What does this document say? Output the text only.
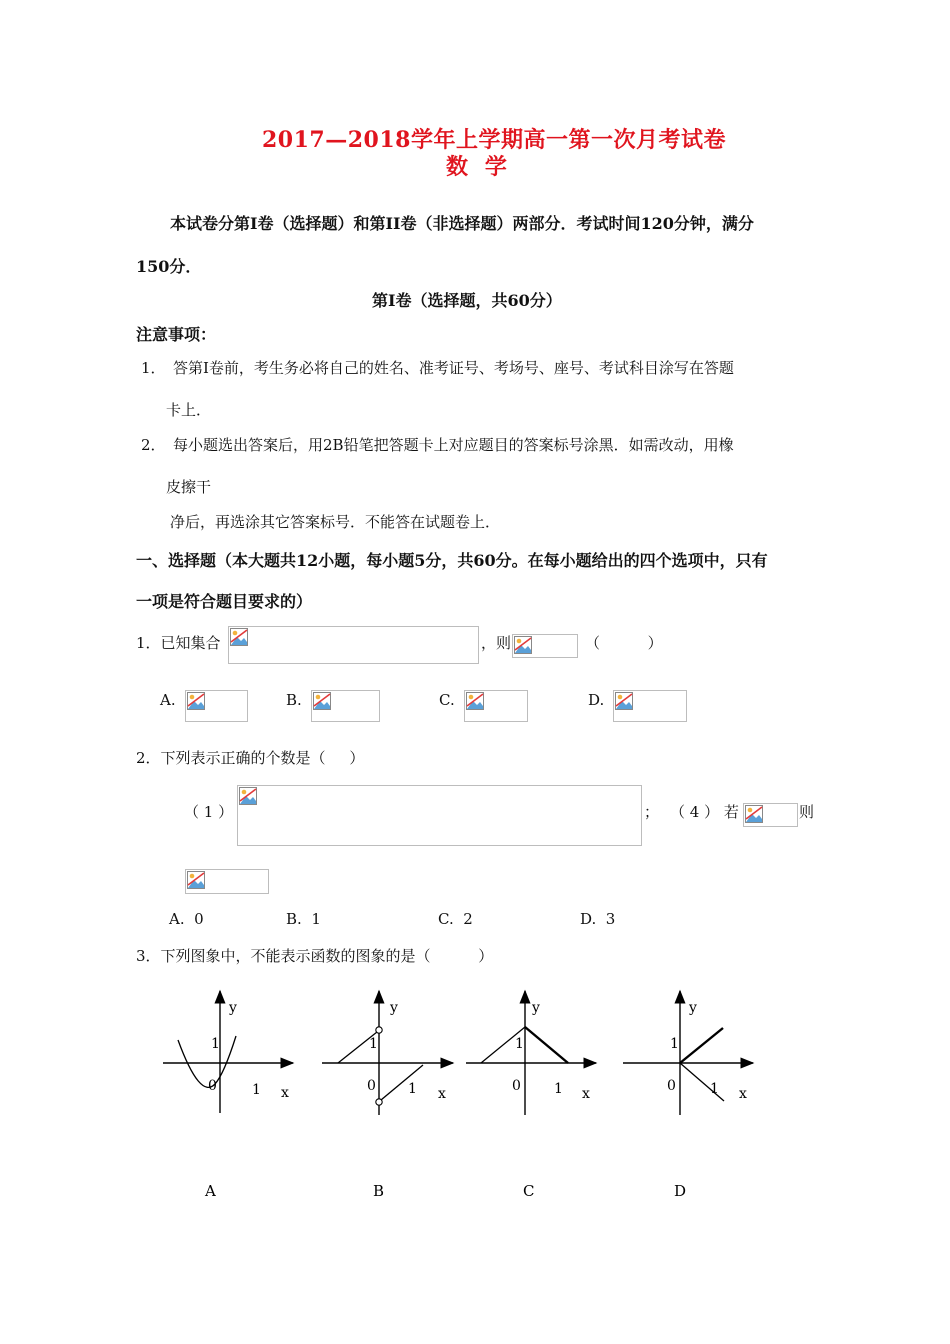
2017—2018学年上学期高一第一次月考试卷
数  学
本试卷分第Ⅰ卷（选择题）和第II卷（非选择题）两部分．考试时间120分钟，满分
150分．
第Ⅰ卷（选择题，共60分）
注意事项：
1． 答第Ⅰ卷前，考生务必将自己的姓名、准考证号、考场号、座号、考试科目涂写在答题
卡上．
2． 每小题选出答案后，用2B铅笔把答题卡上对应题目的答案标号涂黑．如需改动，用橡
皮擦干
净后，再选涂其它答案标号．不能答在试题卷上．
一、选择题（本大题共12小题，每小题5分，共60分。在每小题给出的四个选项中，只有
一项是符合题目要求的）
1．已知集合	，则	（          ）
A.	B.	C.	D.
2．下列表示正确的个数是（     ）
（ 1 ）	； （ 4 ） 若	则
A.  0	B.  1	C.  2	D.  3
3．下列图象中，不能表示函数的图象的是（          ）
y
1
0	1 x
y
1
0 1 x
y
1
0 1 x
y
1
0 1 x
A	B	C	D
